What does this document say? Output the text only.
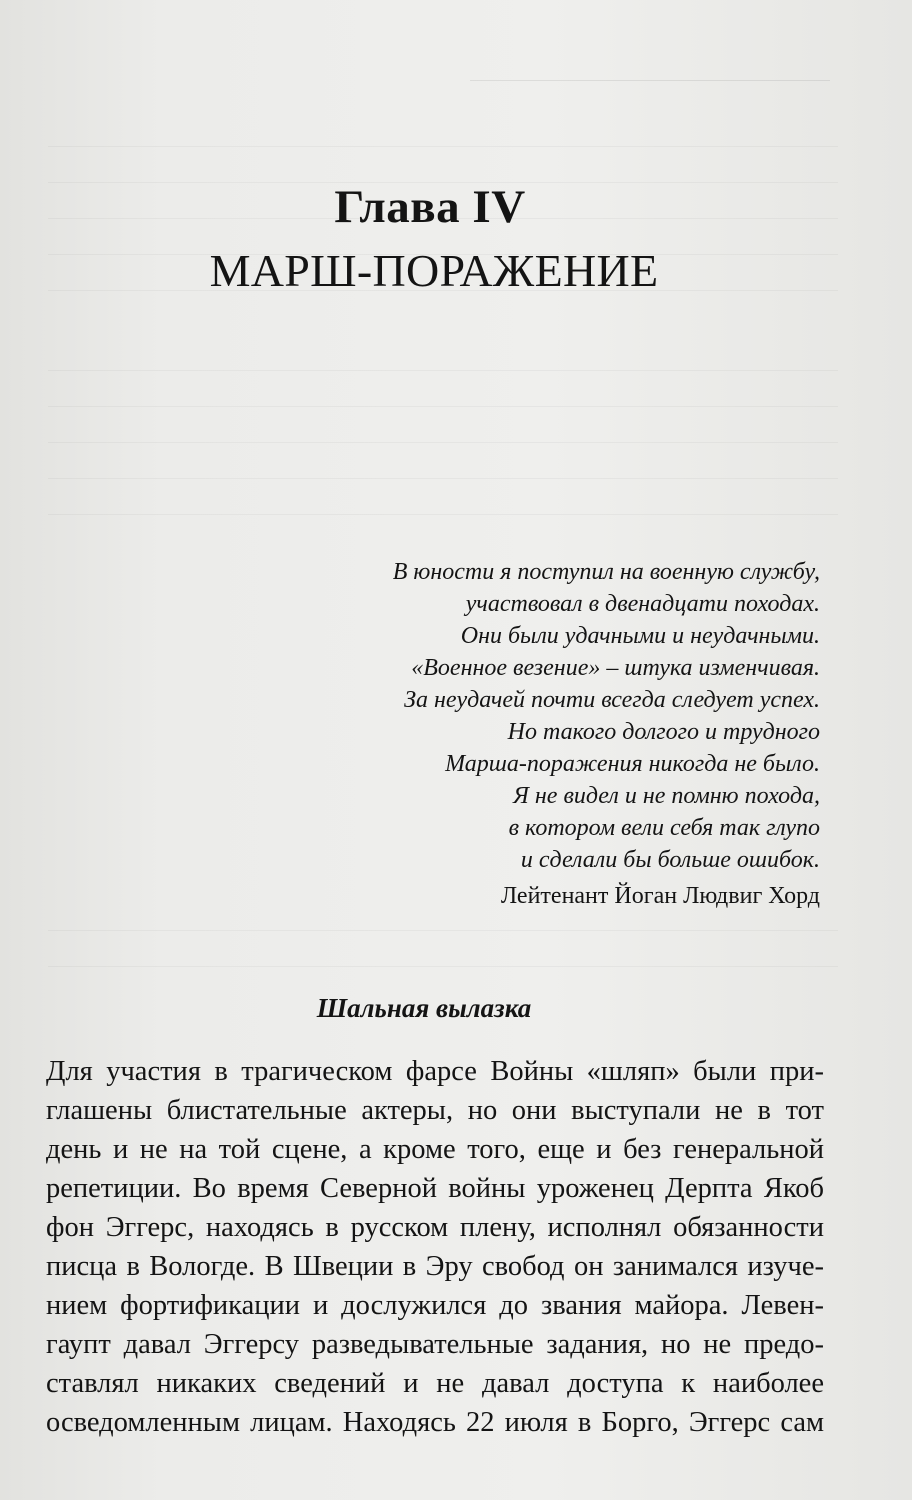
Глава IV
МАРШ-ПОРАЖЕНИЕ
В юности я поступил на военную службу,
участвовал в двенадцати походах.
Они были удачными и неудачными.
«Военное везение» – штука изменчивая.
За неудачей почти всегда следует успех.
Но такого долгого и трудного
Марша-поражения никогда не было.
Я не видел и не помню похода,
в котором вели себя так глупо
и сделали бы больше ошибок.
Лейтенант Йоган Людвиг Хорд
Шальная вылазка
Для участия в трагическом фарсе Войны «шляп» были при-
глашены блистательные актеры, но они выступали не в тот
день и не на той сцене, а кроме того, еще и без генеральной
репетиции. Во время Северной войны уроженец Дерпта Якоб
фон Эггерс, находясь в русском плену, исполнял обязанности
писца в Вологде. В Швеции в Эру свобод он занимался изуче-
нием фортификации и дослужился до звания майора. Левен-
гаупт давал Эггерсу разведывательные задания, но не предо-
ставлял никаких сведений и не давал доступа к наиболее
осведомленным лицам. Находясь 22 июля в Борго, Эггерс сам
